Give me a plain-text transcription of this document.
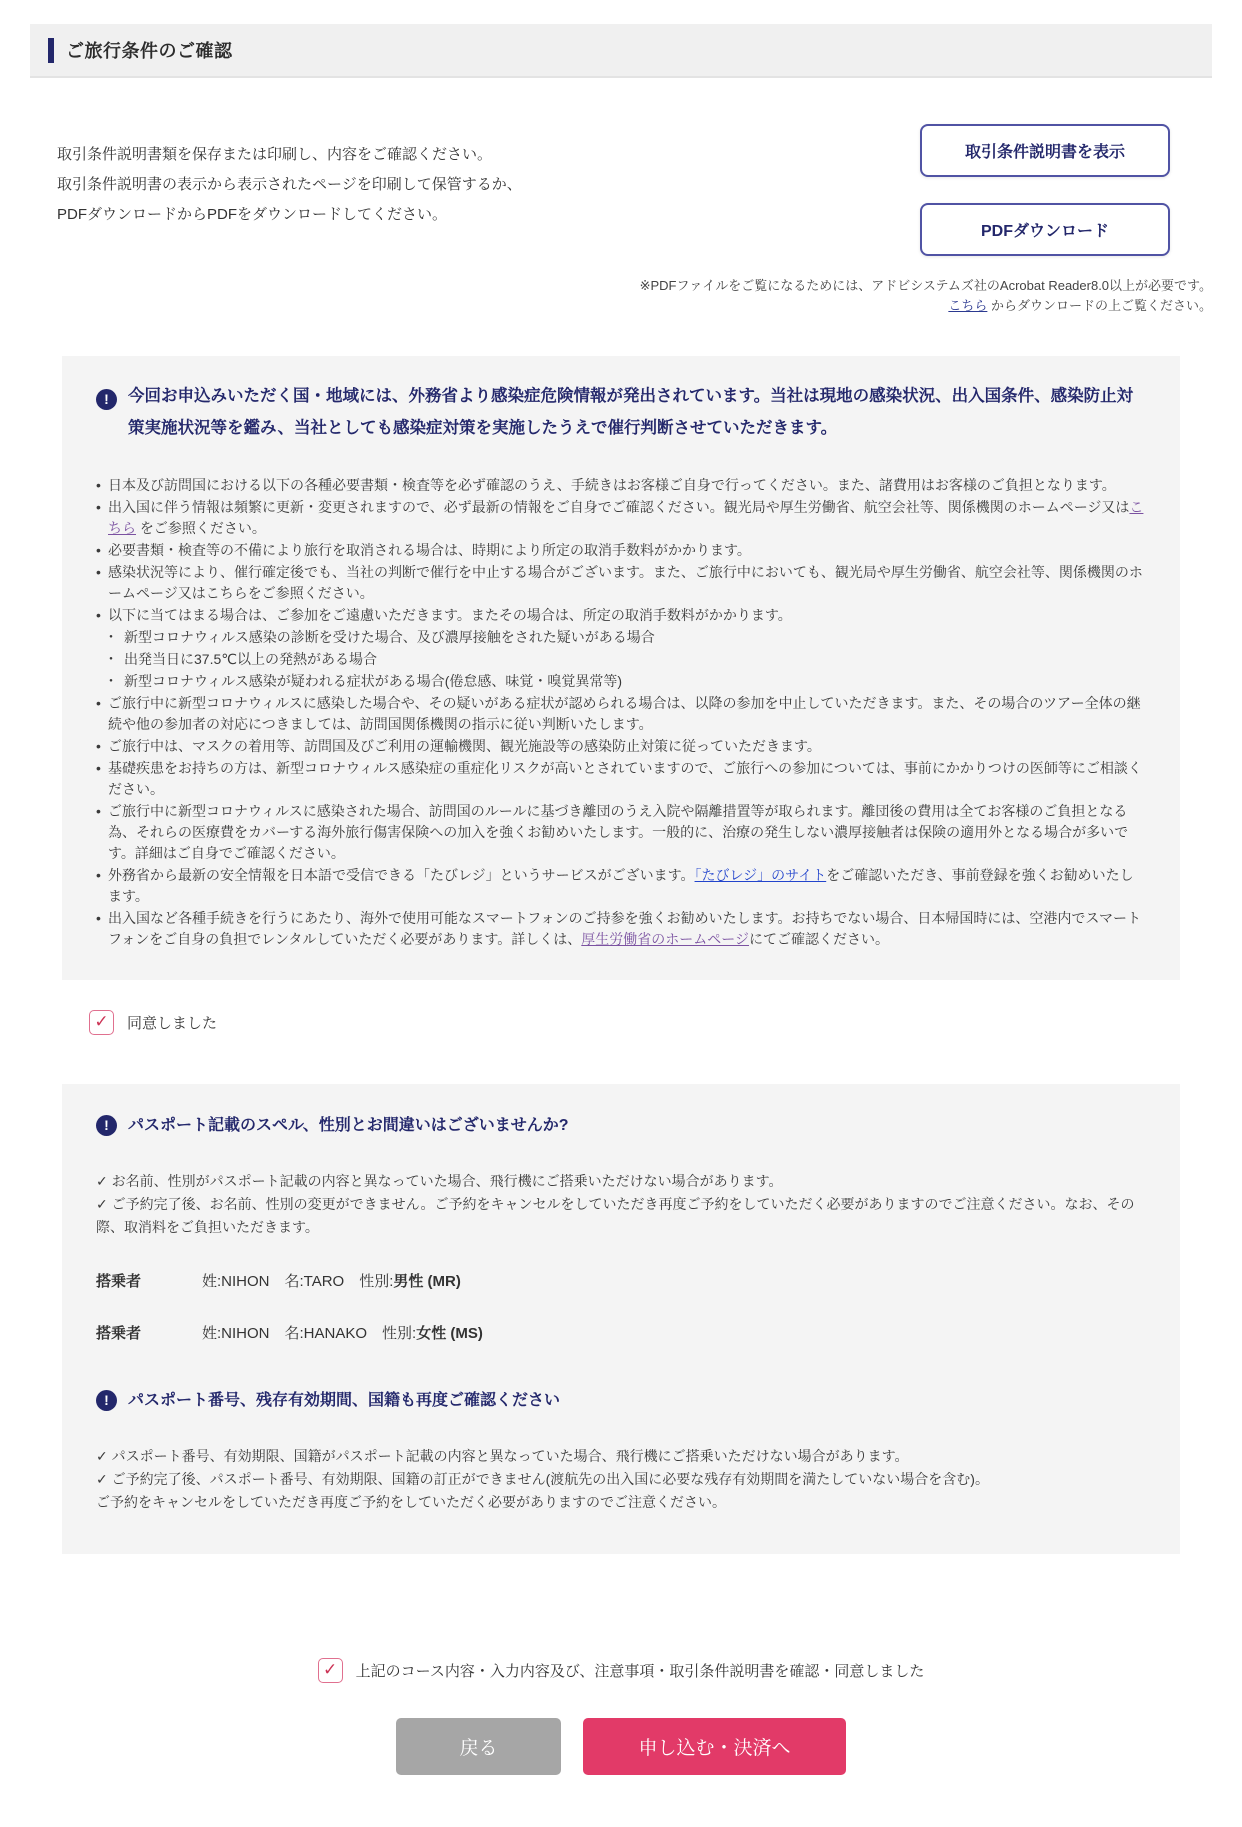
ご旅行条件のご確認
取引条件説明書類を保存または印刷し、内容をご確認ください。
取引条件説明書の表示から表示されたページを印刷して保管するか、
PDFダウンロードからPDFをダウンロードしてください。
取引条件説明書を表示
PDFダウンロード
※PDFファイルをご覧になるためには、アドビシステムズ社のAcrobat Reader8.0以上が必要です。
こちら からダウンロードの上ご覧ください。
!	今回お申込みいただく国・地域には、外務省より感染症危険情報が発出されています。当社は現地の感染状況、出入国条件、感染防止対策実施状況等を鑑み、当社としても感染症対策を実施したうえで催行判断させていただきます。
• 日本及び訪問国における以下の各種必要書類・検査等を必ず確認のうえ、手続きはお客様ご自身で行ってください。また、諸費用はお客様のご負担となります。
• 出入国に伴う情報は頻繁に更新・変更されますので、必ず最新の情報をご自身でご確認ください。観光局や厚生労働省、航空会社等、関係機関のホームページ又はこちら をご参照ください。
• 必要書類・検査等の不備により旅行を取消される場合は、時期により所定の取消手数料がかかります。
• 感染状況等により、催行確定後でも、当社の判断で催行を中止する場合がございます。また、ご旅行中においても、観光局や厚生労働省、航空会社等、関係機関のホームページ又はこちらをご参照ください。
• 以下に当てはまる場合は、ご参加をご遠慮いただきます。またその場合は、所定の取消手数料がかかります。
・ 新型コロナウィルス感染の診断を受けた場合、及び濃厚接触をされた疑いがある場合
・ 出発当日に37.5℃以上の発熱がある場合
・ 新型コロナウィルス感染が疑われる症状がある場合(倦怠感、味覚・嗅覚異常等)
• ご旅行中に新型コロナウィルスに感染した場合や、その疑いがある症状が認められる場合は、以降の参加を中止していただきます。また、その場合のツアー全体の継続や他の参加者の対応につきましては、訪問国関係機関の指示に従い判断いたします。
• ご旅行中は、マスクの着用等、訪問国及びご利用の運輸機関、観光施設等の感染防止対策に従っていただきます。
• 基礎疾患をお持ちの方は、新型コロナウィルス感染症の重症化リスクが高いとされていますので、ご旅行への参加については、事前にかかりつけの医師等にご相談ください。
• ご旅行中に新型コロナウィルスに感染された場合、訪問国のルールに基づき離団のうえ入院や隔離措置等が取られます。離団後の費用は全てお客様のご負担となる為、それらの医療費をカバーする海外旅行傷害保険への加入を強くお勧めいたします。一般的に、治療の発生しない濃厚接触者は保険の適用外となる場合が多いです。詳細はご自身でご確認ください。
• 外務省から最新の安全情報を日本語で受信できる「たびレジ」というサービスがございます。「たびレジ」のサイトをご確認いただき、事前登録を強くお勧めいたします。
• 出入国など各種手続きを行うにあたり、海外で使用可能なスマートフォンのご持参を強くお勧めいたします。お持ちでない場合、日本帰国時には、空港内でスマートフォンをご自身の負担でレンタルしていただく必要があります。詳しくは、厚生労働省のホームページにてご確認ください。
✓ 同意しました
!	パスポート記載のスペル、性別とお間違いはございませんか?
✓ お名前、性別がパスポート記載の内容と異なっていた場合、飛行機にご搭乗いただけない場合があります。
✓ ご予約完了後、お名前、性別の変更ができません。ご予約をキャンセルをしていただき再度ご予約をしていただく必要がありますのでご注意ください。なお、その際、取消料をご負担いただきます。
搭乗者	姓:NIHON　名:TARO　性別:男性 (MR)
搭乗者	姓:NIHON　名:HANAKO　性別:女性 (MS)
!	パスポート番号、残存有効期間、国籍も再度ご確認ください
✓ パスポート番号、有効期限、国籍がパスポート記載の内容と異なっていた場合、飛行機にご搭乗いただけない場合があります。
✓ ご予約完了後、パスポート番号、有効期限、国籍の訂正ができません(渡航先の出入国に必要な残存有効期間を満たしていない場合を含む)。
ご予約をキャンセルをしていただき再度ご予約をしていただく必要がありますのでご注意ください。
✓ 上記のコース内容・入力内容及び、注意事項・取引条件説明書を確認・同意しました
戻る	申し込む・決済へ
